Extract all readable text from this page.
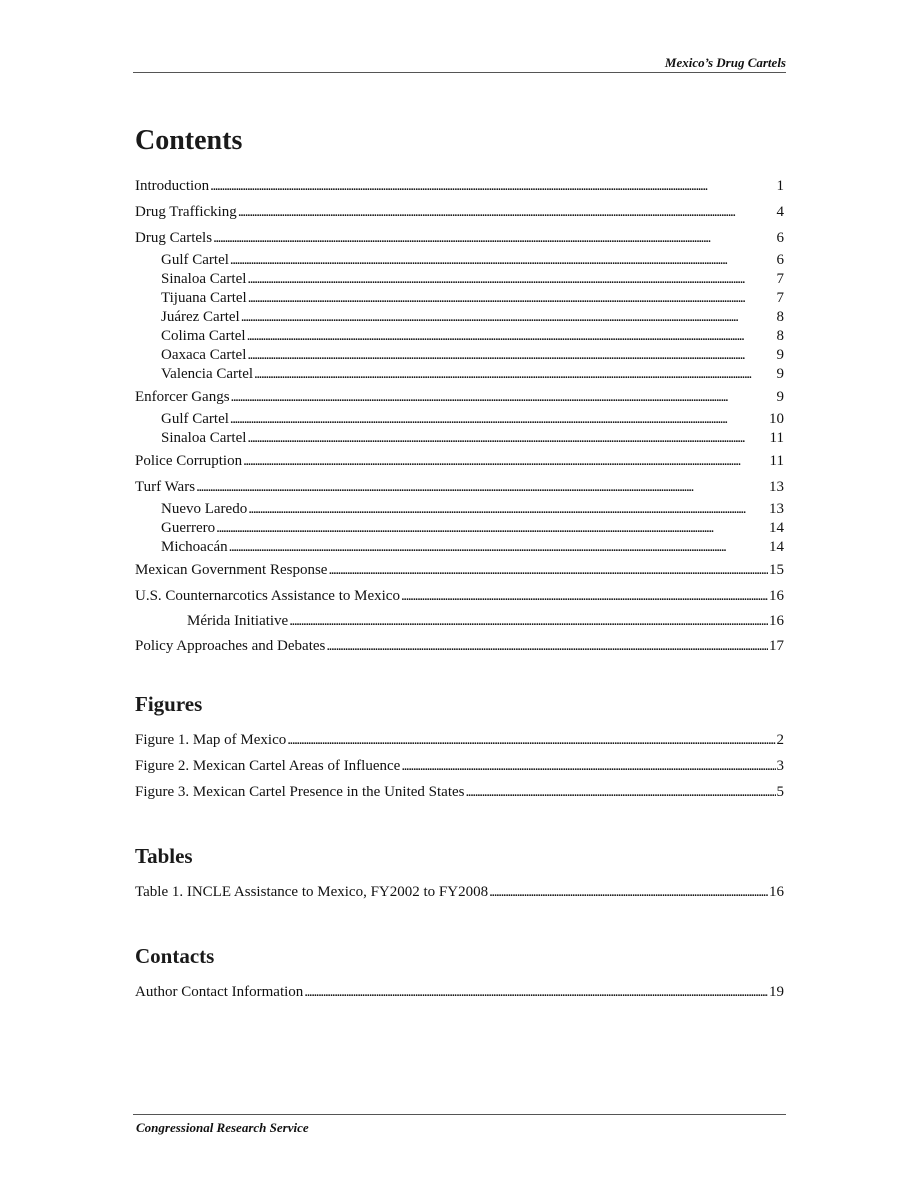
Mexico’s Drug Cartels
Contents
Introduction . . .	1
Drug Trafficking . . .	4
Drug Cartels . . .	6
Gulf Cartel . . .	6
Sinaloa Cartel . . .	7
Tijuana Cartel . . .	7
Juárez Cartel . . .	8
Colima Cartel . . .	8
Oaxaca Cartel . . .	9
Valencia Cartel . . .	9
Enforcer Gangs . . .	9
Gulf Cartel . . .	10
Sinaloa Cartel . . .	11
Police Corruption . . .	11
Turf Wars . . .	13
Nuevo Laredo . . .	13
Guerrero . . .	14
Michoacán . . .	14
Mexican Government Response . . .	15
U.S. Counternarcotics Assistance to Mexico . . .	16
Mérida Initiative . . .	16
Policy Approaches and Debates . . .	17
Figures
Figure 1. Map of Mexico . . .	2
Figure 2. Mexican Cartel Areas of Influence . . .	3
Figure 3. Mexican Cartel Presence in the United States . . .	5
Tables
Table 1. INCLE Assistance to Mexico, FY2002 to FY2008 . . .	16
Contacts
Author Contact Information . . .	19
Congressional Research Service
